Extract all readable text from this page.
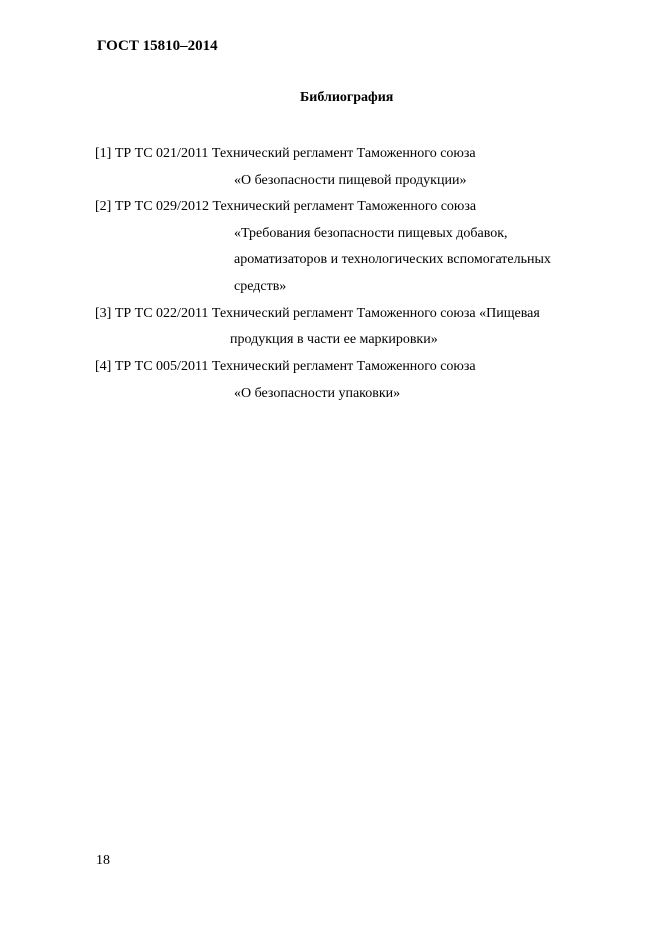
ГОСТ 15810–2014
Библиография
[1] ТР ТС 021/2011 Технический регламент Таможенного союза
«О безопасности пищевой продукции»
[2] ТР ТС 029/2012 Технический регламент Таможенного союза
«Требования безопасности пищевых добавок,
ароматизаторов и технологических вспомогательных
средств»
[3] ТР ТС 022/2011 Технический регламент Таможенного союза «Пищевая
продукция в части ее маркировки»
[4] ТР ТС 005/2011 Технический регламент Таможенного союза
«О безопасности упаковки»
18
